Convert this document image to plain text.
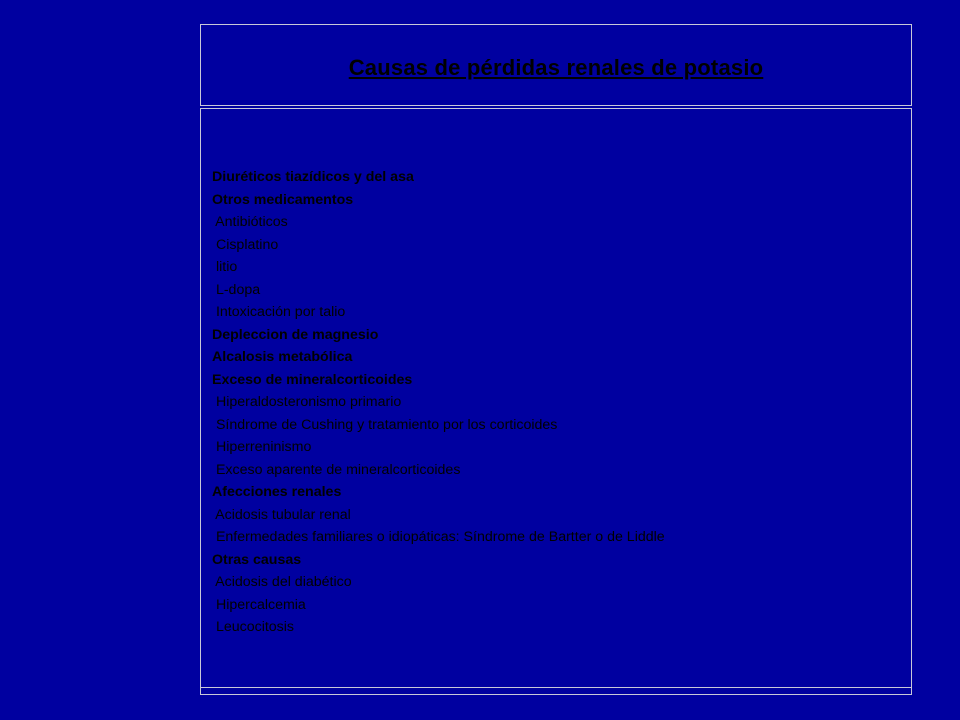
Causas de pérdidas renales de potasio
Diuréticos tiazídicos y del asa
Otros medicamentos
Antibióticos
Cisplatino
litio
L-dopa
Intoxicación por talio
Depleccion de magnesio
Alcalosis metabólica
Exceso de mineralcorticoides
Hiperaldosteronismo primario
Síndrome de Cushing y tratamiento por los corticoides
Hiperreninismo
Exceso aparente de mineralcorticoides
Afecciones renales
Acidosis tubular renal
Enfermedades familiares o idiopáticas: Síndrome de Bartter o de Liddle
Otras causas
Acidosis del diabético
Hipercalcemia
Leucocitosis
